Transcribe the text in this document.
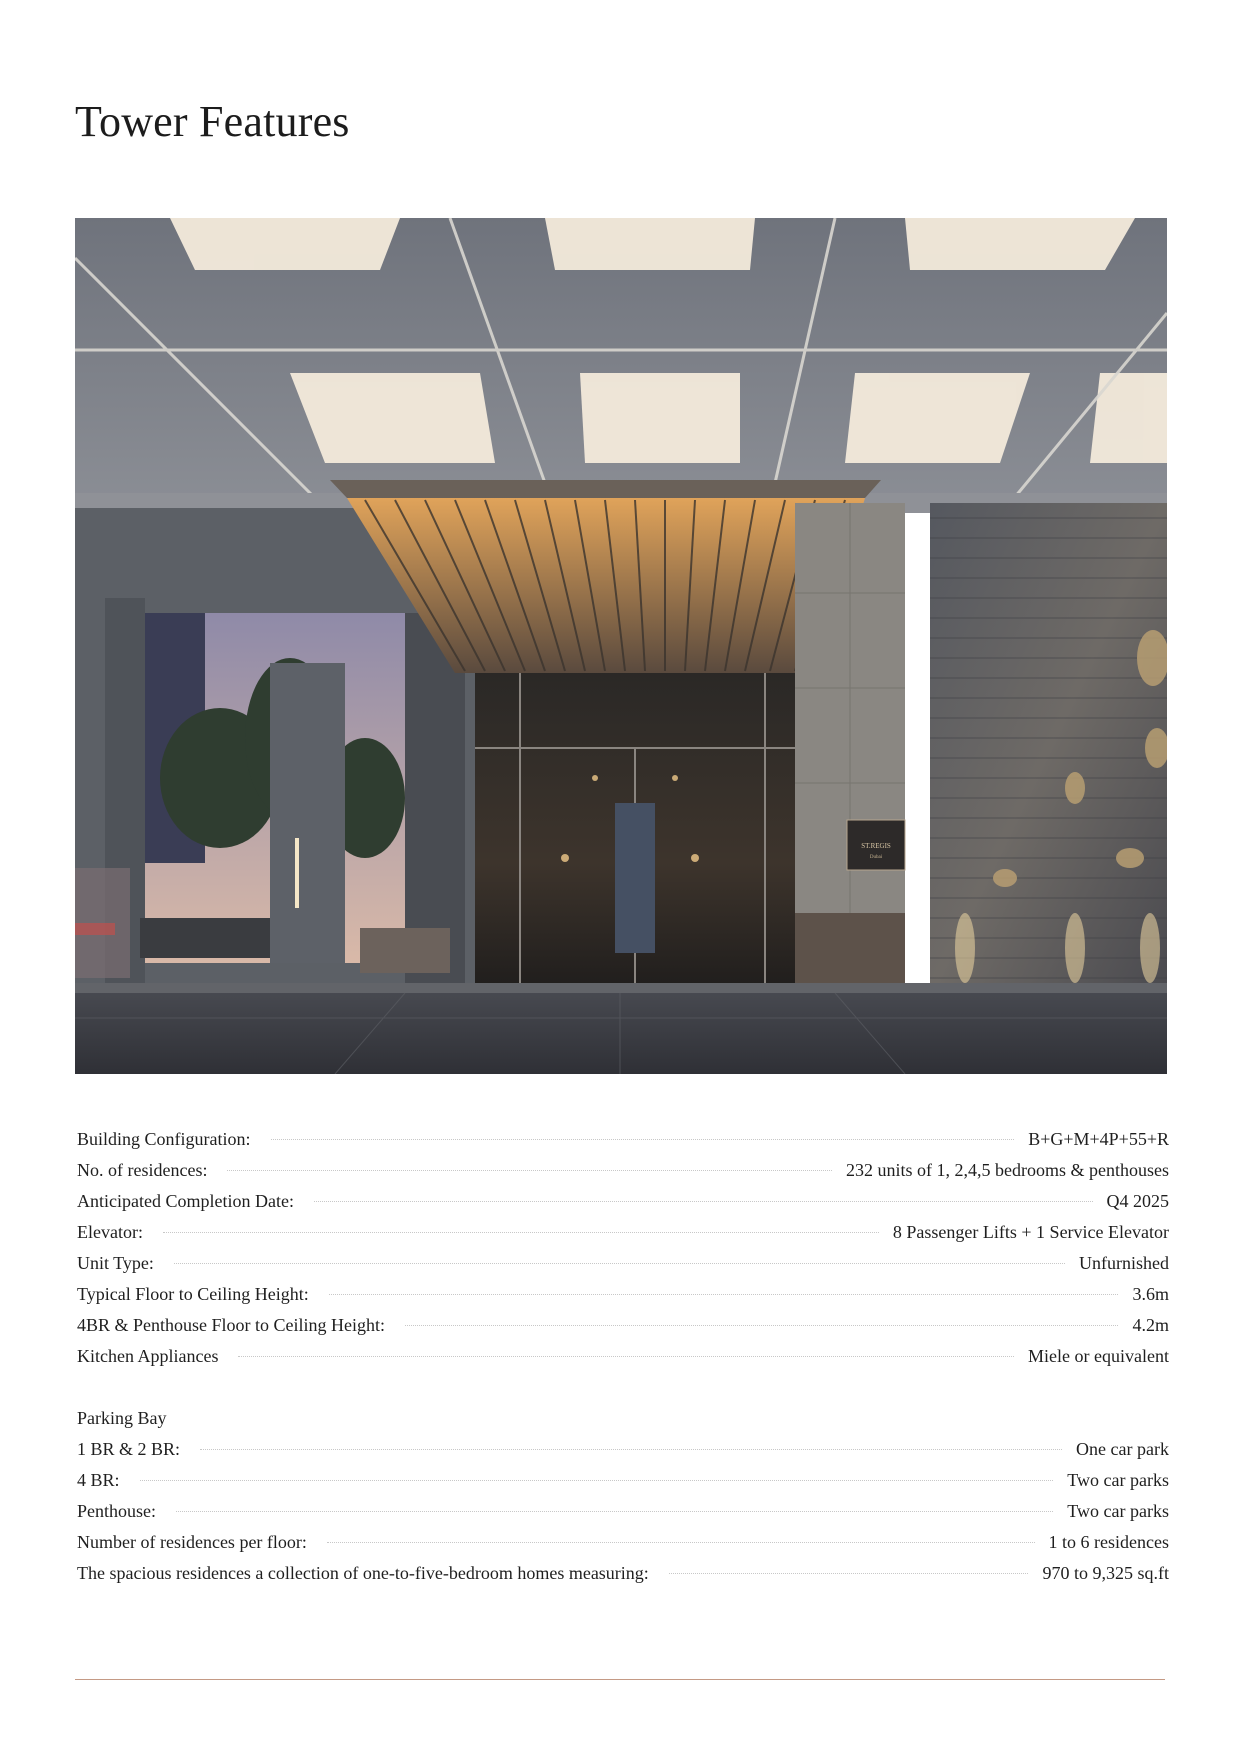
Tower Features
ST.REGIS
Dubai
Building Configuration:	B+G+M+4P+55+R
No. of residences:	232 units of 1, 2,4,5 bedrooms & penthouses
Anticipated Completion Date:	Q4 2025
Elevator:	8 Passenger Lifts + 1 Service Elevator
Unit Type:	Unfurnished
Typical Floor to Ceiling Height:	3.6m
4BR & Penthouse Floor to Ceiling Height:	4.2m
Kitchen Appliances	Miele or equivalent
Parking Bay
1 BR & 2 BR:	One car park
4 BR:	Two car parks
Penthouse:	Two car parks
Number of residences per floor:	1 to 6 residences
The spacious residences a collection of one-to-five-bedroom homes measuring:	970 to 9,325 sq.ft
